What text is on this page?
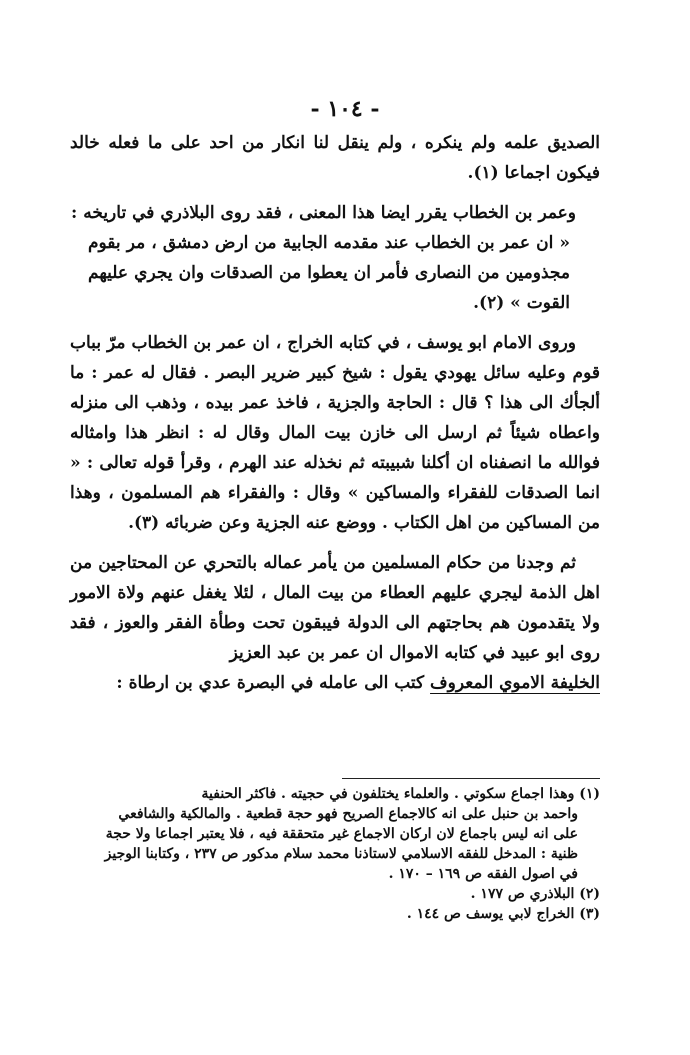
- ١٠٤ -

الصديق علمه ولم ينكره ، ولم ينقل لنا انكار من احد على ما فعله خالد فيكون اجماعا (١).

وعمر بن الخطاب يقرر ايضا هذا المعنى ، فقد روى البلاذري في تاريخه :

« ان عمر بن الخطاب عند مقدمه الجابية من ارض دمشق ، مر بقوم مجذومين من النصارى فأمر ان يعطوا من الصدقات وان يجري عليهم القوت » (٢).

وروى الامام ابو يوسف ، في كتابه الخراج ، ان عمر بن الخطاب مرّ بباب قوم وعليه سائل يهودي يقول : شيخ كبير ضرير البصر . فقال له عمر : ما ألجأك الى هذا ؟ قال : الحاجة والجزية ، فاخذ عمر بيده ، وذهب الى منزله واعطاه شيئاً ثم ارسل الى خازن بيت المال وقال له : انظر هذا وامثاله فوالله ما انصفناه ان أكلنا شبيبته ثم نخذله عند الهرم ، وقرأ قوله تعالى : « انما الصدقات للفقراء والمساكين » وقال : والفقراء هم المسلمون ، وهذا من المساكين من اهل الكتاب . ووضع عنه الجزية وعن ضربائه (٣).

ثم وجدنا من حكام المسلمين من يأمر عماله بالتحري عن المحتاجين من اهل الذمة ليجري عليهم العطاء من بيت المال ، لئلا يغفل عنهم ولاة الامور ولا يتقدمون هم بحاجتهم الى الدولة فيبقون تحت وطأة الفقر والعوز ، فقد روى ابو عبيد في كتابه الاموال ان عمر بن عبد العزيز
الخليفة الاموي المعروف كتب الى عامله في البصرة عدي بن ارطاة :

(١) وهذا اجماع سكوتي . والعلماء يختلفون في حجيته . فاكثر الحنفية

واحمد بن حنبل على انه كالاجماع الصريح فهو حجة قطعية . والمالكية والشافعي على انه ليس باجماع لان اركان الاجماع غير متحققة فيه ، فلا يعتبر اجماعا ولا حجة ظنية : المدخل للفقه الاسلامي لاستاذنا محمد سلام مدكور ص ٢٣٧ ، وكتابنا الوجيز في اصول الفقه ص ١٦٩ – ١٧٠ .

(٢) البلاذري ص ١٧٧ .

(٣) الخراج لابي يوسف ص ١٤٤ .
